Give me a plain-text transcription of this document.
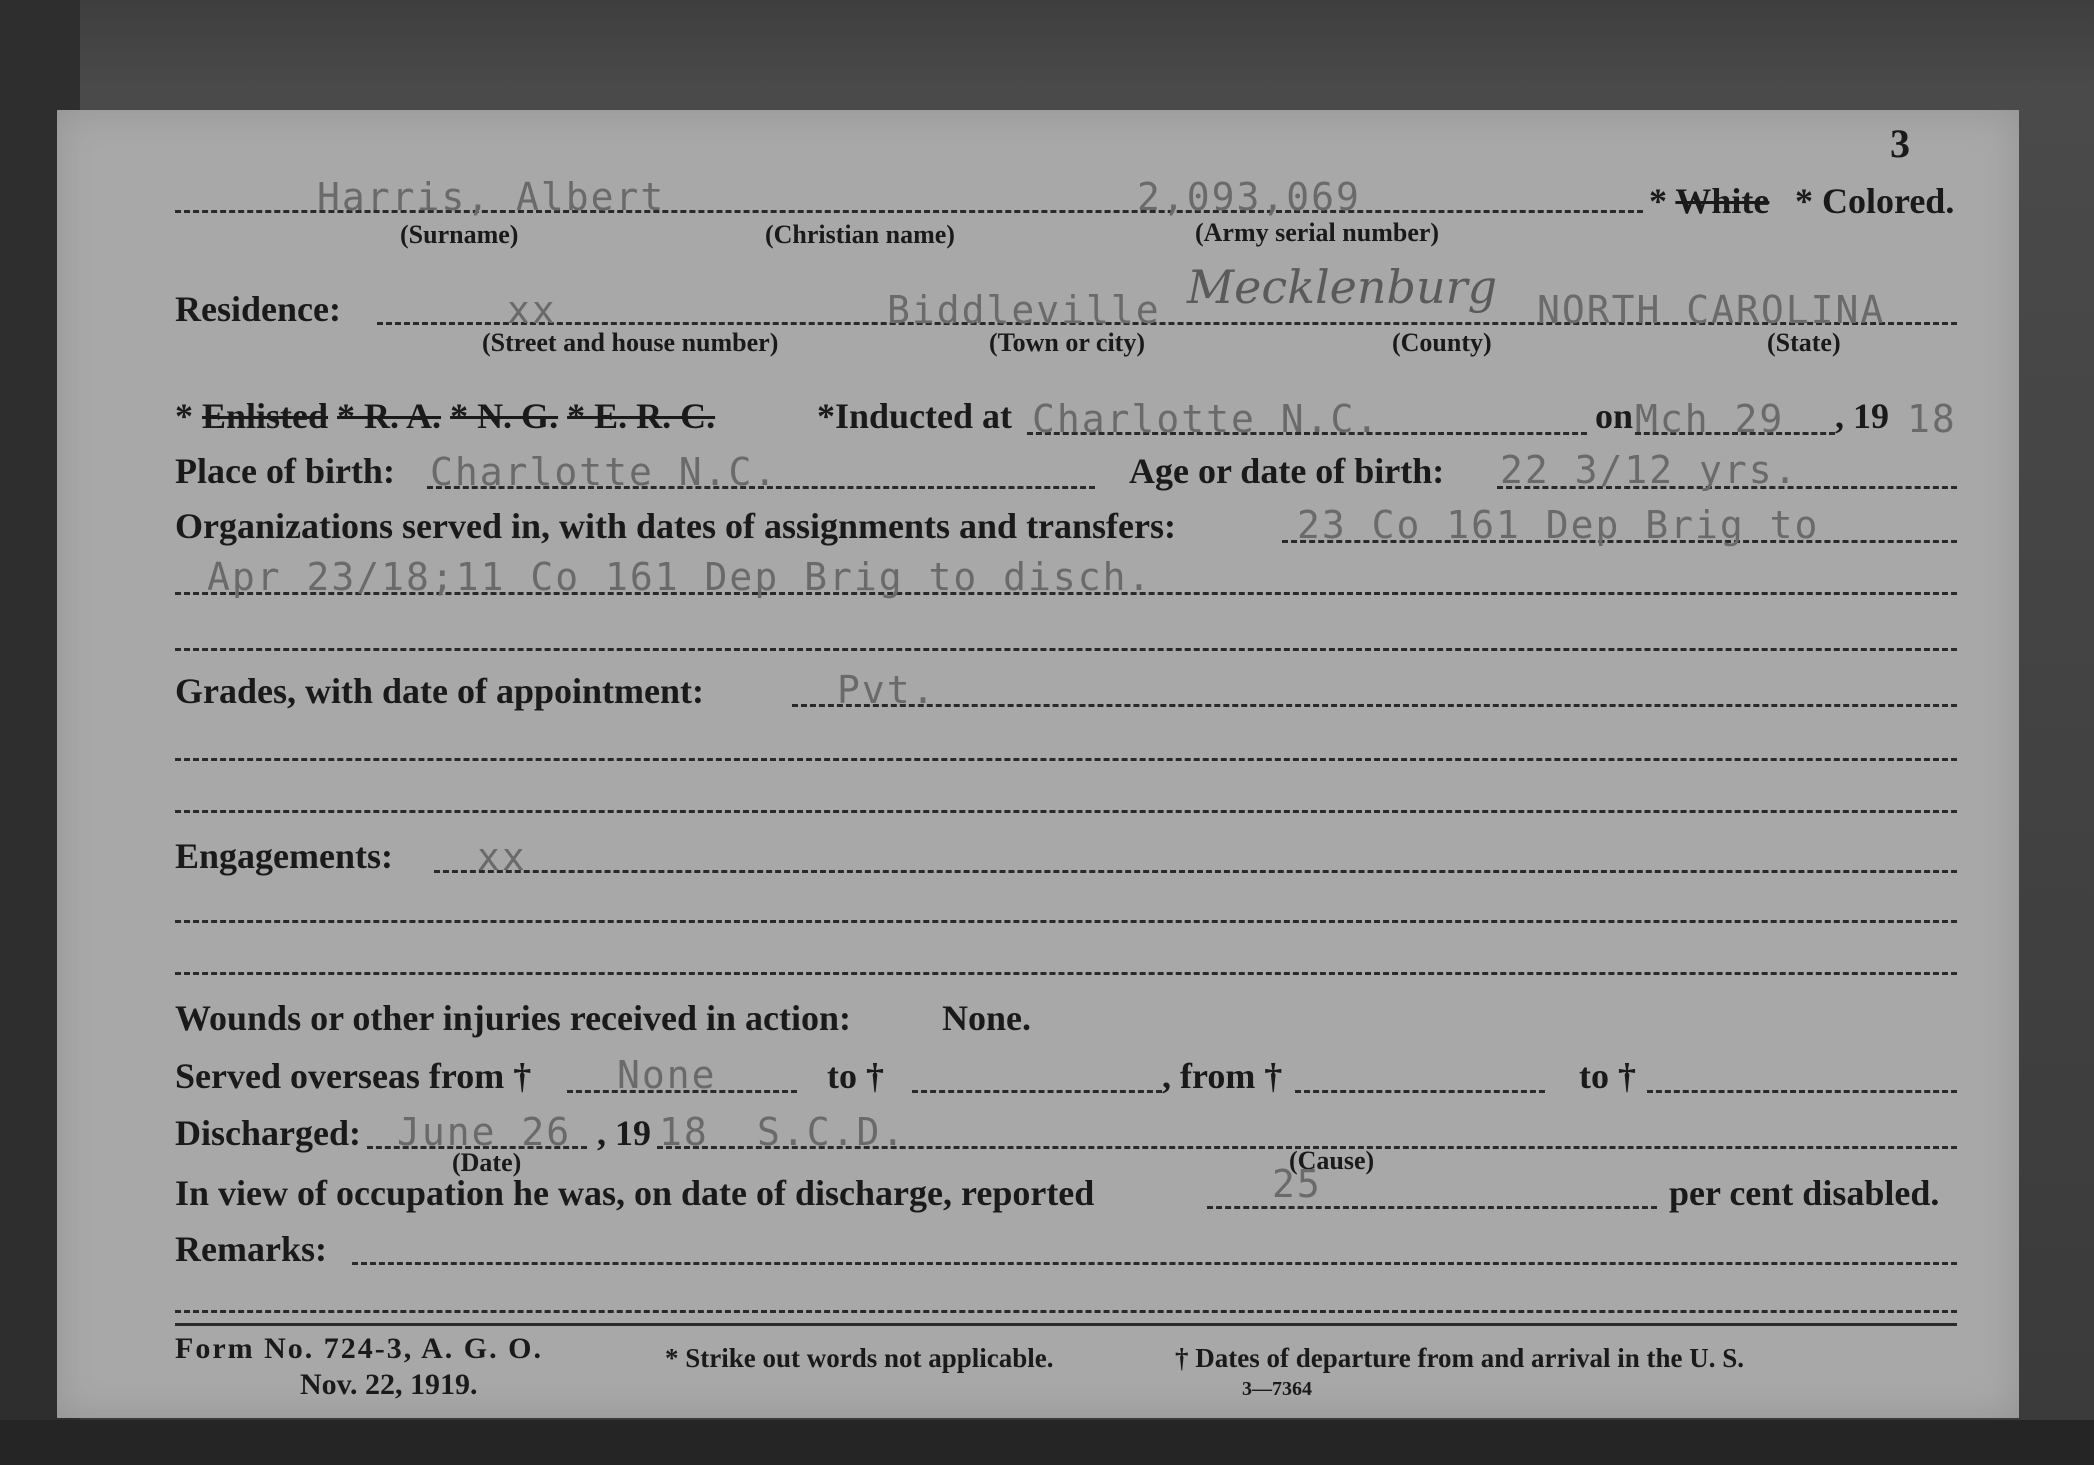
3
Harris, Albert	2,093,069	* White * Colored.
(Surname)	(Christian name)	(Army serial number)
Residence:	xx	Biddleville Mecklenburg NORTH CAROLINA
(Street and house number)	(Town or city)	(County)	(State)
* Enlisted * R. A. * N. G. * E. R. C.	*Inducted at Charlotte N.C.	on Mch 29 , 19 18
Place of birth: Charlotte N.C.	Age or date of birth: 22 3/12 yrs.
Organizations served in, with dates of assignments and transfers:	23 Co 161 Dep Brig to
Apr 23/18;11 Co 161 Dep Brig to disch.
Grades, with date of appointment:	Pvt.
Engagements: xx
Wounds or other injuries received in action:	None.
Served overseas from † None	to †	, from †	to †
Discharged: June 26 , 19 18 S.C.D.
(Date)	(Cause)
In view of occupation he was, on date of discharge, reported	25	per cent disabled.
Remarks:
Form No. 724-3, A. G. O.
Nov. 22, 1919.
* Strike out words not applicable.	† Dates of departure from and arrival in the U. S.
3—7364
